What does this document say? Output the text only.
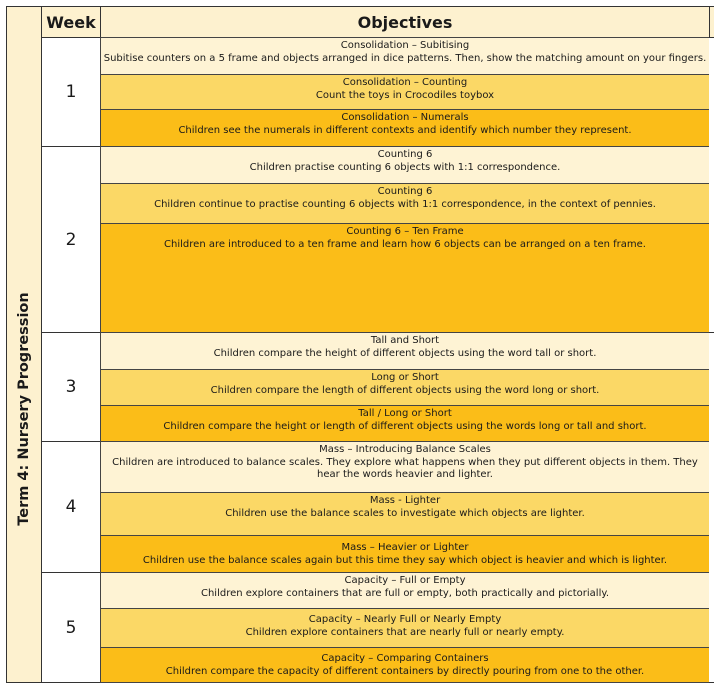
Term 4: Nursery Progression
Week	Objectives
1
2
3
4
5
Consolidation – Subitising
Subitise counters on a 5 frame and objects arranged in dice patterns. Then, show the matching amount on your fingers.
Consolidation – Counting
Count the toys in Crocodiles toybox
Consolidation – Numerals
Children see the numerals in different contexts and identify which number they represent.
Counting 6
Children practise counting 6 objects with 1:1 correspondence.
Counting 6
Children continue to practise counting 6 objects with 1:1 correspondence, in the context of pennies.
Counting 6 – Ten Frame
Children are introduced to a ten frame and learn how 6 objects can be arranged on a ten frame.
Tall and Short
Children compare the height of different objects using the word tall or short.
Long or Short
Children compare the length of different objects using the word long or short.
Tall / Long or Short
Children compare the height or length of different objects using the words long or tall and short.
Mass – Introducing Balance Scales
Children are introduced to balance scales. They explore what happens when they put different objects in them. They hear the words heavier and lighter.
Mass - Lighter
Children use the balance scales to investigate which objects are lighter.
Mass – Heavier or Lighter
Children use the balance scales again but this time they say which object is heavier and which is lighter.
Capacity – Full or Empty
Children explore containers that are full or empty, both practically and pictorially.
Capacity – Nearly Full or Nearly Empty
Children explore containers that are nearly full or nearly empty.
Capacity – Comparing Containers
Children compare the capacity of different containers by directly pouring from one to the other.
